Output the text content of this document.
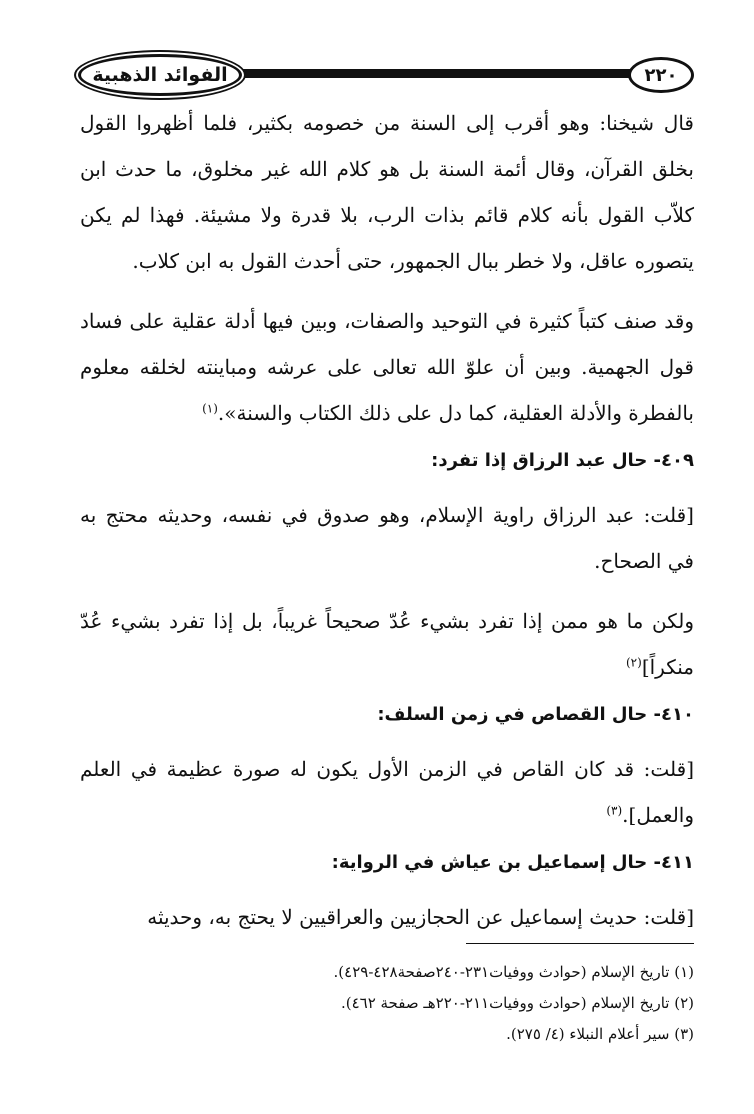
الفوائد الذهبية	٢٢٠

قال شيخنا: وهو أقرب إلى السنة من خصومه بكثير، فلما أظهروا القول بخلق القرآن، وقال أئمة السنة بل هو كلام الله غير مخلوق، ما حدث ابن كلاّب القول بأنه كلام قائم بذات الرب، بلا قدرة ولا مشيئة. فهذا لم يكن يتصوره عاقل، ولا خطر ببال الجمهور، حتى أحدث القول به ابن كلاب.

وقد صنف كتباً كثيرة في التوحيد والصفات، وبين فيها أدلة عقلية على فساد قول الجهمية. وبين أن علوّ الله تعالى على عرشه ومباينته لخلقه معلوم بالفطرة والأدلة العقلية، كما دل على ذلك الكتاب والسنة».$^{(١)}$

٤٠٩- حال عبد الرزاق إذا تفرد:

[قلت: عبد الرزاق راوية الإسلام، وهو صدوق في نفسه، وحديثه محتج به في الصحاح.

ولكن ما هو ممن إذا تفرد بشيء عُدّ صحيحاً غريباً، بل إذا تفرد بشيء عُدّ منكراً]$^{(٢)}$

٤١٠- حال القصاص في زمن السلف:

[قلت: قد كان القاص في الزمن الأول يكون له صورة عظيمة في العلم والعمل].$^{(٣)}$

٤١١- حال إسماعيل بن عياش في الرواية:

[قلت: حديث إسماعيل عن الحجازيين والعراقيين لا يحتج به، وحديثه

(١) تاريخ الإسلام (حوادث ووفيات٢٣١-٢٤٠صفحة٤٢٨-٤٢٩).

(٢) تاريخ الإسلام (حوادث ووفيات٢١١-٢٢٠هـ صفحة ٤٦٢).

(٣) سير أعلام النبلاء (٤/ ٢٧٥).
